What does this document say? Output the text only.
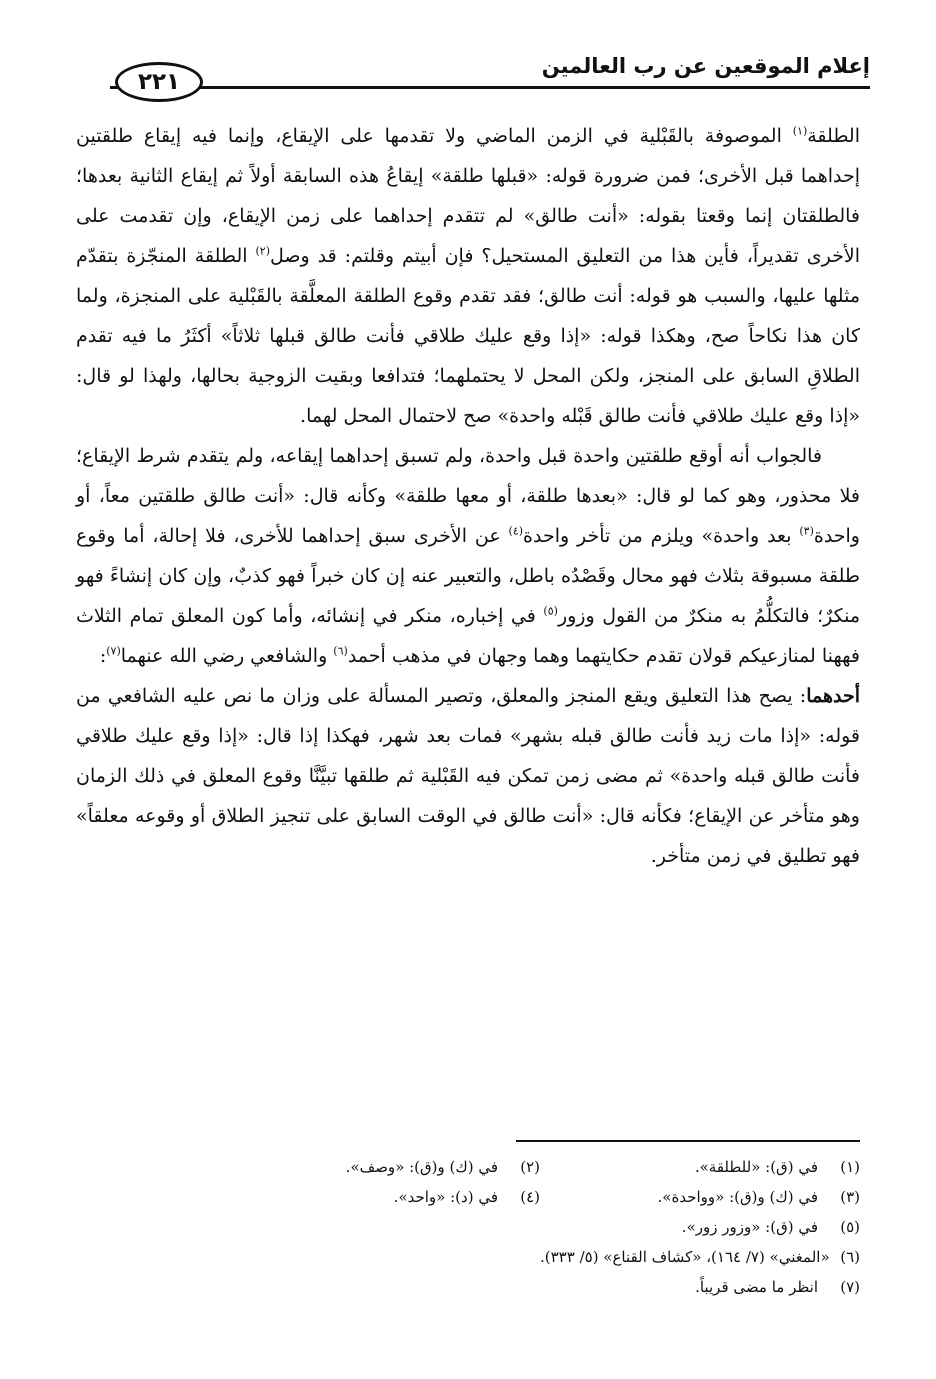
إعلام الموقعين عن رب العالمين
٢٢١

الطلقة$^{(١)}$ الموصوفة بالقَبْلية في الزمن الماضي ولا تقدمها على الإيقاع، وإنما فيه إيقاع طلقتين إحداهما قبل الأخرى؛ فمن ضرورة قوله: «قبلها طلقة» إيقاعُ هذه السابقة أولاً ثم إيقاع الثانية بعدها؛ فالطلقتان إنما وقعتا بقوله: «أنت طالق» لم تتقدم إحداهما على زمن الإيقاع، وإن تقدمت على الأخرى تقديراً، فأين هذا من التعليق المستحيل؟ فإن أبيتم وقلتم: قد وصل$^{(٢)}$ الطلقة المنجّزة بتقدّم مثلها عليها، والسبب هو قوله: أنت طالق؛ فقد تقدم وقوع الطلقة المعلَّقة بالقَبْلية على المنجزة، ولما كان هذا نكاحاً صح، وهكذا قوله: «إذا وقع عليك طلاقي فأنت طالق قبلها ثلاثاً» أكثَرُ ما فيه تقدم الطلاقِ السابق على المنجز، ولكن المحل لا يحتملهما؛ فتدافعا وبقيت الزوجية بحالها، ولهذا لو قال: «إذا وقع عليك طلاقي فأنت طالق قَبْله واحدة» صح لاحتمال المحل لهما.

فالجواب أنه أوقع طلقتين واحدة قبل واحدة، ولم تسبق إحداهما إيقاعه، ولم يتقدم شرط الإيقاع؛ فلا محذور، وهو كما لو قال: «بعدها طلقة، أو معها طلقة» وكأنه قال: «أنت طالق طلقتين معاً، أو واحدة$^{(٣)}$ بعد واحدة» ويلزم من تأخر واحدة$^{(٤)}$ عن الأخرى سبق إحداهما للأخرى، فلا إحالة، أما وقوع طلقة مسبوقة بثلاث فهو محال وقَصْدُه باطل، والتعبير عنه إن كان خبراً فهو كذبٌ، وإن كان إنشاءً فهو منكرٌ؛ فالتكلُّمُ به منكرٌ من القول وزور$^{(٥)}$ في إخباره، منكر في إنشائه، وأما كون المعلق تمام الثلاث فههنا لمنازعيكم قولان تقدم حكايتهما وهما وجهان في مذهب أحمد$^{(٦)}$ والشافعي رضي الله عنهما$^{(٧)}$:

أحدهما: يصح هذا التعليق ويقع المنجز والمعلق، وتصير المسألة على وزان ما نص عليه الشافعي من قوله: «إذا مات زيد فأنت طالق قبله بشهر» فمات بعد شهر، فهكذا إذا قال: «إذا وقع عليك طلاقي فأنت طالق قبله واحدة» ثم مضى زمن تمكن فيه القَبْلية ثم طلقها تبيَّنَّا وقوع المعلق في ذلك الزمان وهو متأخر عن الإيقاع؛ فكأنه قال: «أنت طالق في الوقت السابق على تنجيز الطلاق أو وقوعه معلقاً» فهو تطليق في زمن متأخر.

(١)
في (ق): «للطلقة».
(٢)
في (ك) و(ق): «وصف».
(٣)
في (ك) و(ق): «وواحدة».
(٤)
في (د): «واحد».
(٥)
في (ق): «وزور زور».
(٦)
«المغني» (٧/ ١٦٤)، «كشاف القناع» (٥/ ٣٣٣).
(٧)
انظر ما مضى قريباً.
